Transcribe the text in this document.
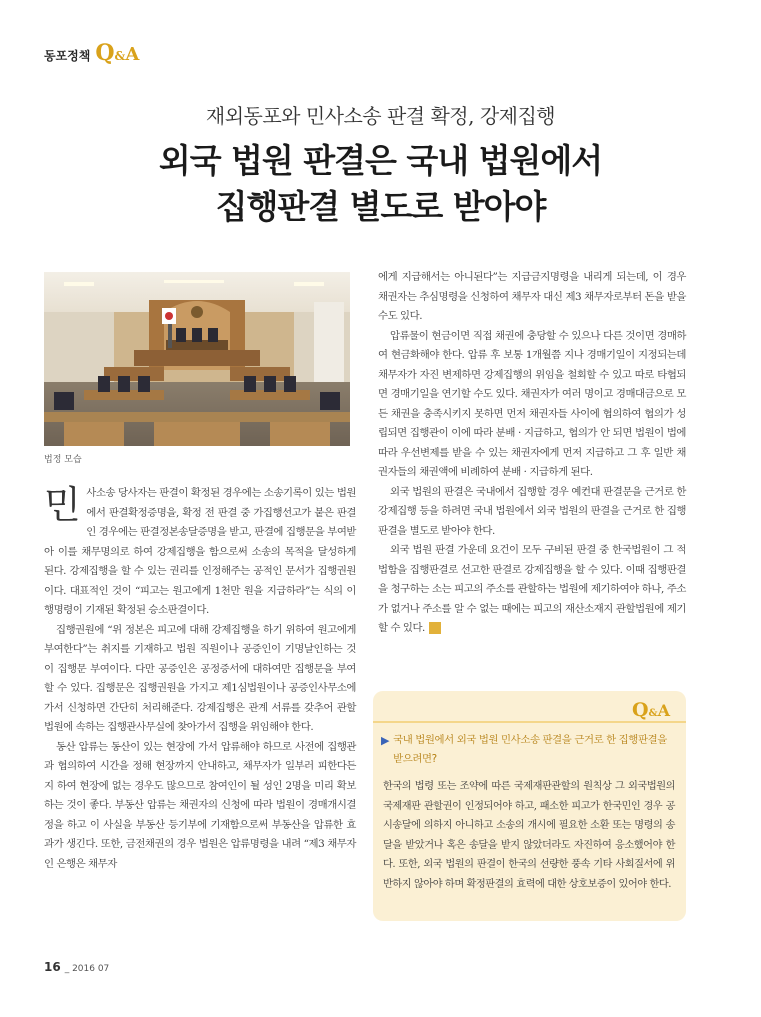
동포정책 Q&A
재외동포와 민사소송 판결 확정, 강제집행
외국 법원 판결은 국내 법원에서
집행판결 별도로 받아야
법정 모습

민사소송 당사자는 판결이 확정된 경우에는 소송기록이 있는 법원에서 판결확정증명을, 확정 전 판결 중 가집행선고가 붙은 판결인 경우에는 판결정본송달증명을 받고, 판결에 집행문을 부여받아 이를 채무명의로 하여 강제집행을 함으로써 소송의 목적을 달성하게 된다. 강제집행을 할 수 있는 권리를 인정해주는 공적인 문서가 집행권원이다. 대표적인 것이 “피고는 원고에게 1천만 원을 지급하라”는 식의 이행명령이 기재된 확정된 승소판결이다.

집행권원에 “위 정본은 피고에 대해 강제집행을 하기 위하여 원고에게 부여한다”는 취지를 기재하고 법원 직원이나 공증인이 기명날인하는 것이 집행문 부여이다. 다만 공증인은 공정증서에 대하여만 집행문을 부여할 수 있다. 집행문은 집행권원을 가지고 제1심법원이나 공증인사무소에 가서 신청하면 간단히 처리해준다. 강제집행은 관계 서류를 갖추어 관할법원에 속하는 집행관사무실에 찾아가서 집행을 위임해야 한다.

동산 압류는 동산이 있는 현장에 가서 압류해야 하므로 사전에 집행관과 협의하여 시간을 정해 현장까지 안내하고, 채무자가 일부러 피한다든지 하여 현장에 없는 경우도 많으므로 참여인이 될 성인 2명을 미리 확보하는 것이 좋다. 부동산 압류는 채권자의 신청에 따라 법원이 경매개시결정을 하고 이 사실을 부동산 등기부에 기재함으로써 부동산을 압류한 효과가 생긴다. 또한, 금전채권의 경우 법원은 압류명령을 내려 “제3 채무자인 은행은 채무자

에게 지급해서는 아니된다”는 지급금지명령을 내리게 되는데, 이 경우 채권자는 추심명령을 신청하여 채무자 대신 제3 채무자로부터 돈을 받을 수도 있다.

압류물이 현금이면 직접 채권에 충당할 수 있으나 다른 것이면 경매하여 현금화해야 한다. 압류 후 보통 1개월쯤 지나 경매기일이 지정되는데 채무자가 자진 변제하면 강제집행의 위임을 철회할 수 있고 따로 타협되면 경매기일을 연기할 수도 있다. 채권자가 여러 명이고 경매대금으로 모든 채권을 충족시키지 못하면 먼저 채권자들 사이에 협의하여 협의가 성립되면 집행관이 이에 따라 분배 · 지급하고, 협의가 안 되면 법원이 법에 따라 우선변제를 받을 수 있는 채권자에게 먼저 지급하고 그 후 일반 채권자들의 채권액에 비례하여 분배 · 지급하게 된다.

외국 법원의 판결은 국내에서 집행할 경우 예컨대 판결문을 근거로 한 강제집행 등을 하려면 국내 법원에서 외국 법원의 판결을 근거로 한 집행판결을 별도로 받아야 한다.

외국 법원 판결 가운데 요건이 모두 구비된 판결 중 한국법원이 그 적법함을 집행판결로 선고한 판결로 강제집행을 할 수 있다. 이때 집행판결을 청구하는 소는 피고의 주소를 관할하는 법원에 제기하여야 하나, 주소가 없거나 주소를 알 수 없는 때에는 피고의 재산소재지 관할법원에 제기할 수 있다. 끝

Q&A
▶ 국내 법원에서 외국 법원 민사소송 판결을 근거로 한 집행판결을 받으려면?
한국의 법령 또는 조약에 따른 국제재판관할의 원칙상 그 외국법원의 국제재판 관할권이 인정되어야 하고, 패소한 피고가 한국민인 경우 공시송달에 의하지 아니하고 소송의 개시에 필요한 소환 또는 명령의 송달을 받았거나 혹은 송달을 받지 않았더라도 자진하여 응소했어야 한다. 또한, 외국 법원의 판결이 한국의 선량한 풍속 기타 사회질서에 위반하지 않아야 하며 확정판결의 효력에 대한 상호보증이 있어야 한다.
16 _ 2016 07
